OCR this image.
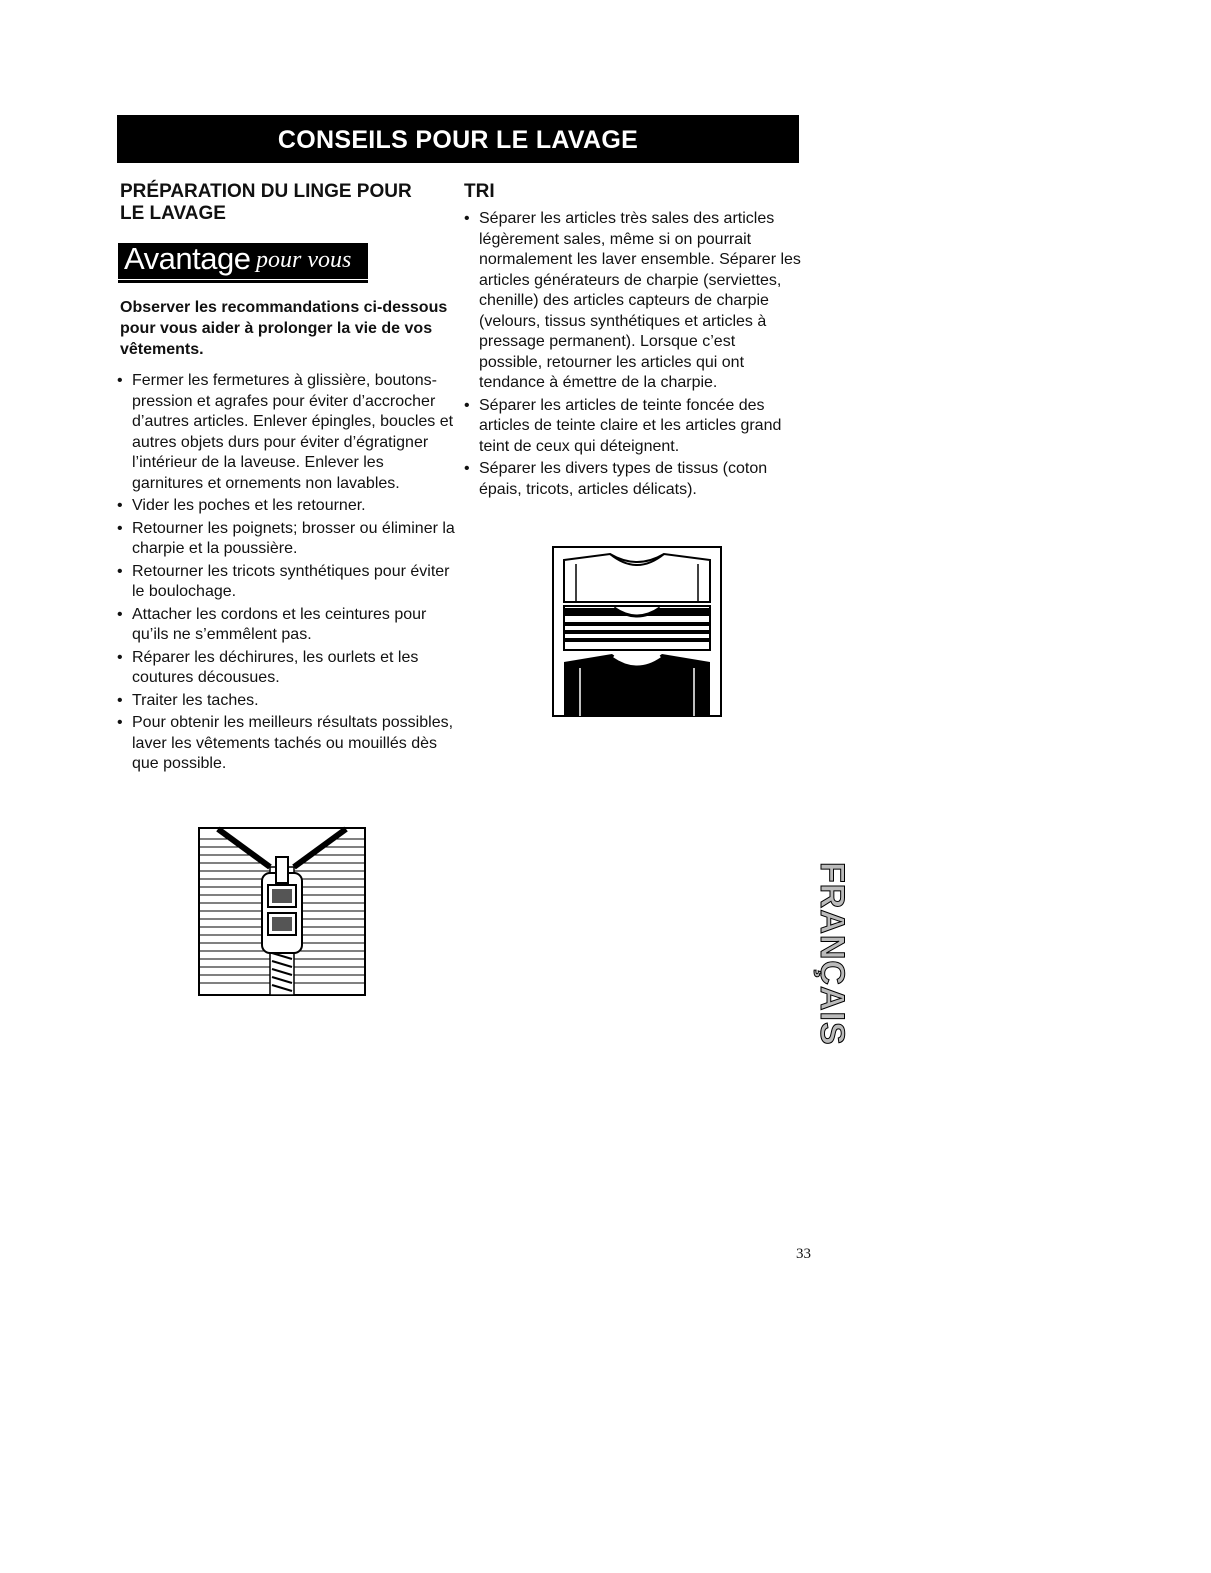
CONSEILS POUR LE LAVAGE
PRÉPARATION DU LINGE POUR
LE LAVAGE
TRI
Avantage pour vous

Observer les recommandations ci-dessous pour vous aider à prolonger la vie de vos vêtements.

• Fermer les fermetures à glissière, boutons-pression et agrafes pour éviter d’accrocher d’autres articles. Enlever épingles, boucles et autres objets durs pour éviter d’égratigner l’intérieur de la laveuse. Enlever les garnitures et ornements non lavables.
• Vider les poches et les retourner.
• Retourner les poignets; brosser ou éliminer la charpie et la poussière.
• Retourner les tricots synthétiques pour éviter le boulochage.
• Attacher les cordons et les ceintures pour qu’ils ne s’emmêlent pas.
• Réparer les déchirures, les ourlets et les coutures décousues.
• Traiter les taches.
• Pour obtenir les meilleurs résultats possibles, laver les vêtements tachés ou mouillés dès que possible.
• Séparer les articles très sales des articles légèrement sales, même si on pourrait normalement les laver ensemble. Séparer les articles générateurs de charpie (serviettes, chenille) des articles capteurs de charpie (velours, tissus synthétiques et articles à pressage permanent). Lorsque c’est possible, retourner les articles qui ont tendance à émettre de la charpie.
• Séparer les articles de teinte foncée des articles de teinte claire et les articles grand teint de ceux qui déteignent.
• Séparer les divers types de tissus (coton épais, tricots, articles délicats).
FRANÇAIS
33
